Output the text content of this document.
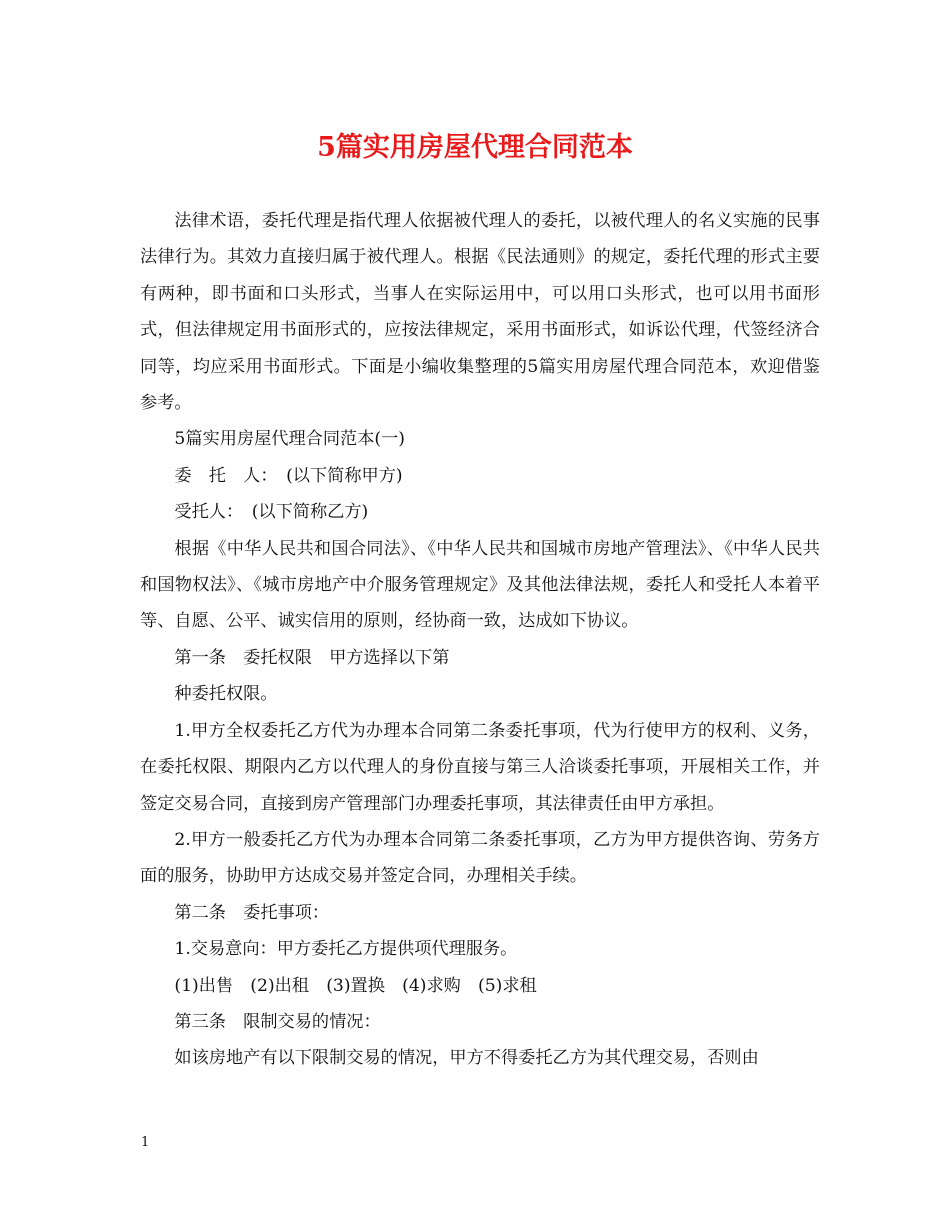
5篇实用房屋代理合同范本

法律术语，委托代理是指代理人依据被代理人的委托，以被代理人的名义实施的民事法律行为。其效力直接归属于被代理人。根据《民法通则》的规定，委托代理的形式主要有两种，即书面和口头形式，当事人在实际运用中，可以用口头形式，也可以用书面形式，但法律规定用书面形式的，应按法律规定，采用书面形式，如诉讼代理，代签经济合同等，均应采用书面形式。下面是小编收集整理的5篇实用房屋代理合同范本，欢迎借鉴参考。

5篇实用房屋代理合同范本(一)

委　托　人：　(以下简称甲方)

受托人：　(以下简称乙方)

根据《中华人民共和国合同法》、《中华人民共和国城市房地产管理法》、《中华人民共和国物权法》、《城市房地产中介服务管理规定》及其他法律法规，委托人和受托人本着平等、自愿、公平、诚实信用的原则，经协商一致，达成如下协议。

第一条　委托权限　甲方选择以下第

种委托权限。

1.甲方全权委托乙方代为办理本合同第二条委托事项，代为行使甲方的权利、义务，在委托权限、期限内乙方以代理人的身份直接与第三人洽谈委托事项，开展相关工作，并签定交易合同，直接到房产管理部门办理委托事项，其法律责任由甲方承担。

2.甲方一般委托乙方代为办理本合同第二条委托事项，乙方为甲方提供咨询、劳务方面的服务，协助甲方达成交易并签定合同，办理相关手续。

第二条　委托事项：

1.交易意向：甲方委托乙方提供项代理服务。

(1)出售　(2)出租　(3)置换　(4)求购　(5)求租

第三条　限制交易的情况：

如该房地产有以下限制交易的情况，甲方不得委托乙方为其代理交易，否则由

1
